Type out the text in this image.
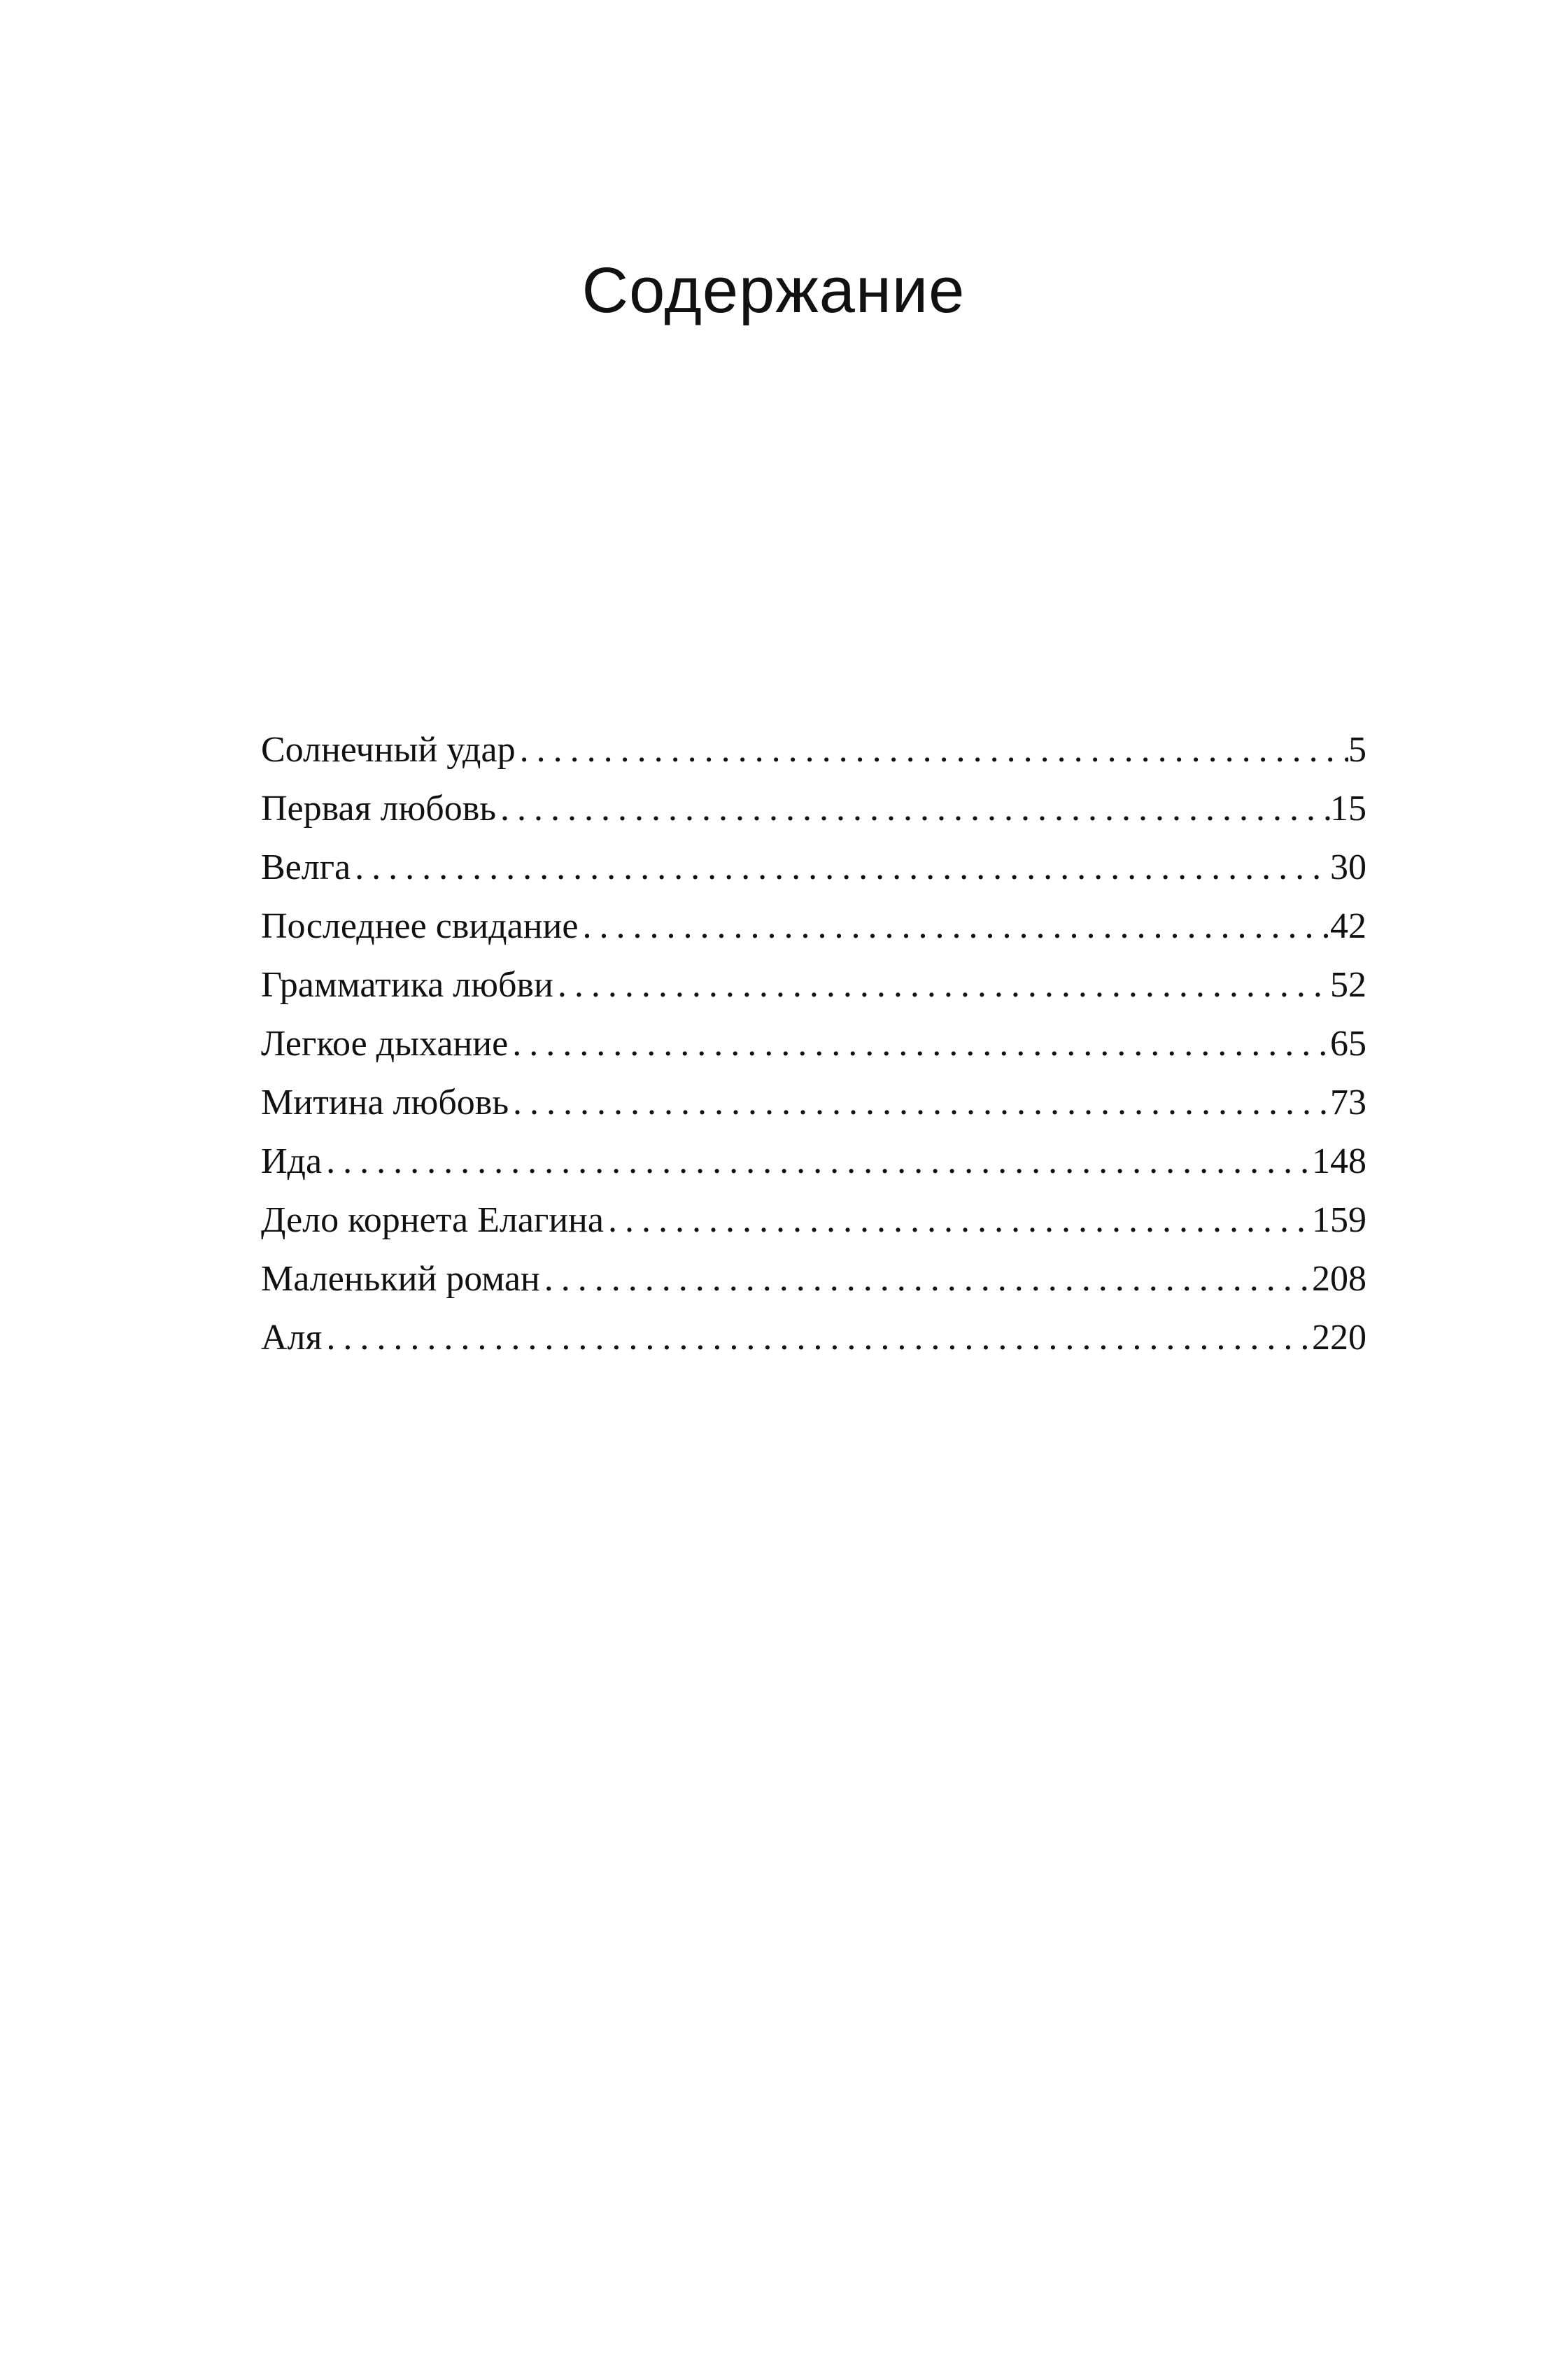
Содержание
Солнечный удар . . .	5
Первая любовь . . .	15
Велга . . .	30
Последнее свидание . . .	42
Грамматика любви . . .	52
Легкое дыхание . . .	65
Митина любовь . . .	73
Ида . . .	148
Дело корнета Елагина . . .	159
Маленький роман . . .	208
Аля . . .	220
